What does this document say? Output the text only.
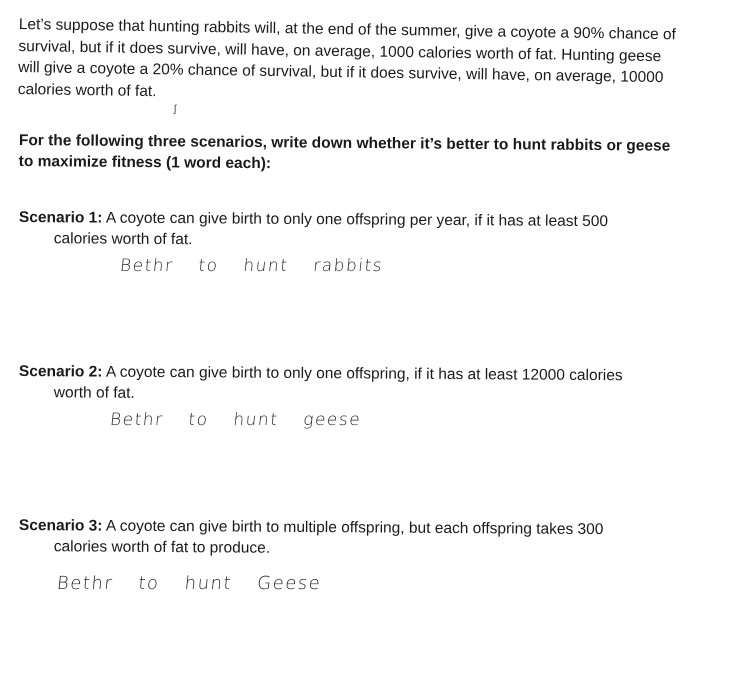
Let’s suppose that hunting rabbits will, at the end of the summer, give a coyote a 90% chance of survival, but if it does survive, will have, on average, 1000 calories worth of fat. Hunting geese will give a coyote a 20% chance of survival, but if it does survive, will have, on average, 10000 calories worth of fat.

For the following three scenarios, write down whether it’s better to hunt rabbits or geese to maximize fitness (1 word each):

Scenario 1: A coyote can give birth to only one offspring per year, if it has at least 500
calories worth of fat.

Bethr to hunt rabbits

Scenario 2: A coyote can give birth to only one offspring, if it has at least 12000 calories
worth of fat.

Bethr to hunt geese

Scenario 3: A coyote can give birth to multiple offspring, but each offspring takes 300
calories worth of fat to produce.

Bethr to hunt Geese
ʃ
